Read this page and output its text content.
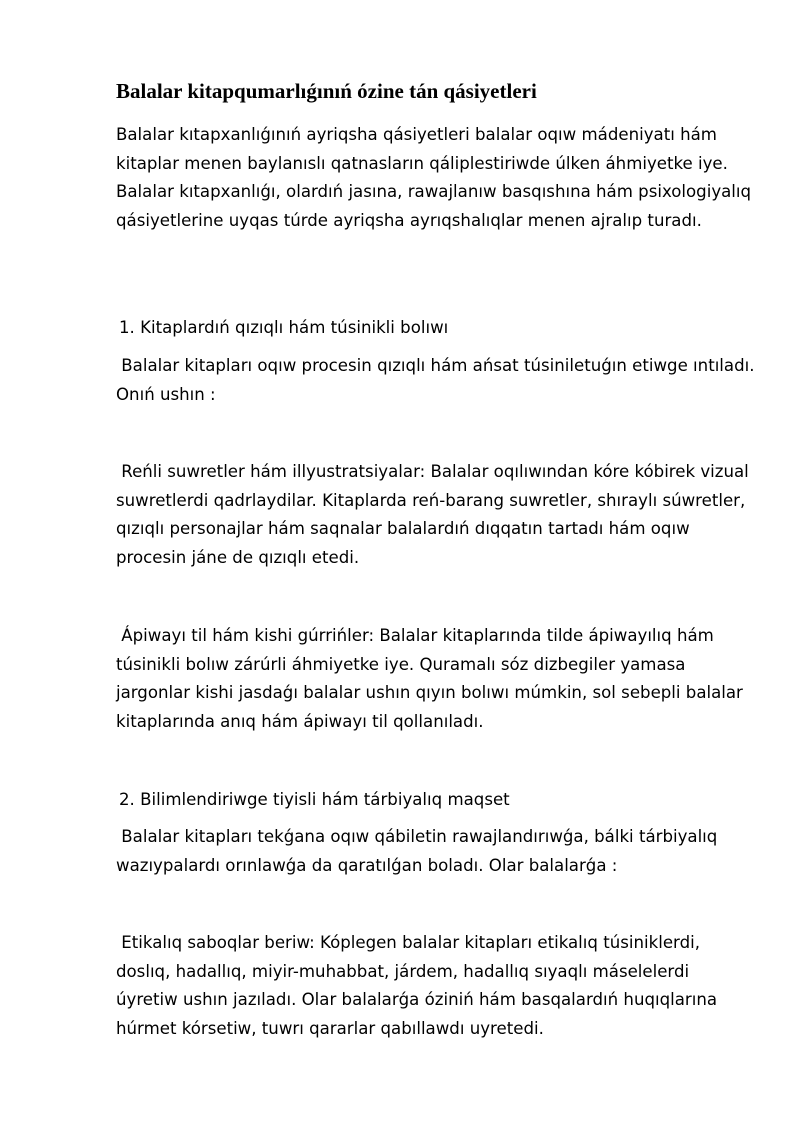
Balalar kitapqumarlıǵınıń ózine tán qásiyetleri

Balalar kıtapxanlıǵınıń ayriqsha qásiyetleri balalar oqıw mádeniyatı hám kitaplar menen baylanıslı qatnasların qáliplestiriwde úlken áhmiyetke iye. Balalar kıtapxanlıǵı, olardıń jasına, rawajlanıw basqıshına hám psixologiyalıq qásiyetlerine uyqas túrde ayriqsha ayrıqshalıqlar menen ajralıp turadı.

1. Kitaplardıń qızıqlı hám túsinikli bolıwı

Balalar kitapları oqıw procesin qızıqlı hám ańsat túsiniletuǵın etiwge ıntıladı. Onıń ushın :

Reńli suwretler hám illyustratsiyalar: Balalar oqılıwından kóre kóbirek vizual suwretlerdi qadrlaydilar. Kitaplarda reń-barang suwretler, shıraylı súwretler, qızıqlı personajlar hám saqnalar balalardıń dıqqatın tartadı hám oqıw procesin jáne de qızıqlı etedi.

Ápiwayı til hám kishi gúrrińler: Balalar kitaplarında tilde ápiwayılıq hám túsinikli bolıw zárúrli áhmiyetke iye. Quramalı sóz dizbegiler yamasa jargonlar kishi jasdaǵı balalar ushın qıyın bolıwı múmkin, sol sebepli balalar kitaplarında anıq hám ápiwayı til qollanıladı.

2. Bilimlendiriwge tiyisli hám tárbiyalıq maqset

Balalar kitapları tekǵana oqıw qábiletin rawajlandırıwǵa, bálki tárbiyalıq wazıypalardı orınlawǵa da qaratılǵan boladı. Olar balalarǵa :

Etikalıq saboqlar beriw: Kóplegen balalar kitapları etikalıq túsiniklerdi, doslıq, hadallıq, miyir-muhabbat, járdem, hadallıq sıyaqlı máselelerdi úyretiw ushın jazıladı. Olar balalarǵa óziniń hám basqalardıń huqıqlarına húrmet kórsetiw, tuwrı qararlar qabıllawdı uyretedi.
